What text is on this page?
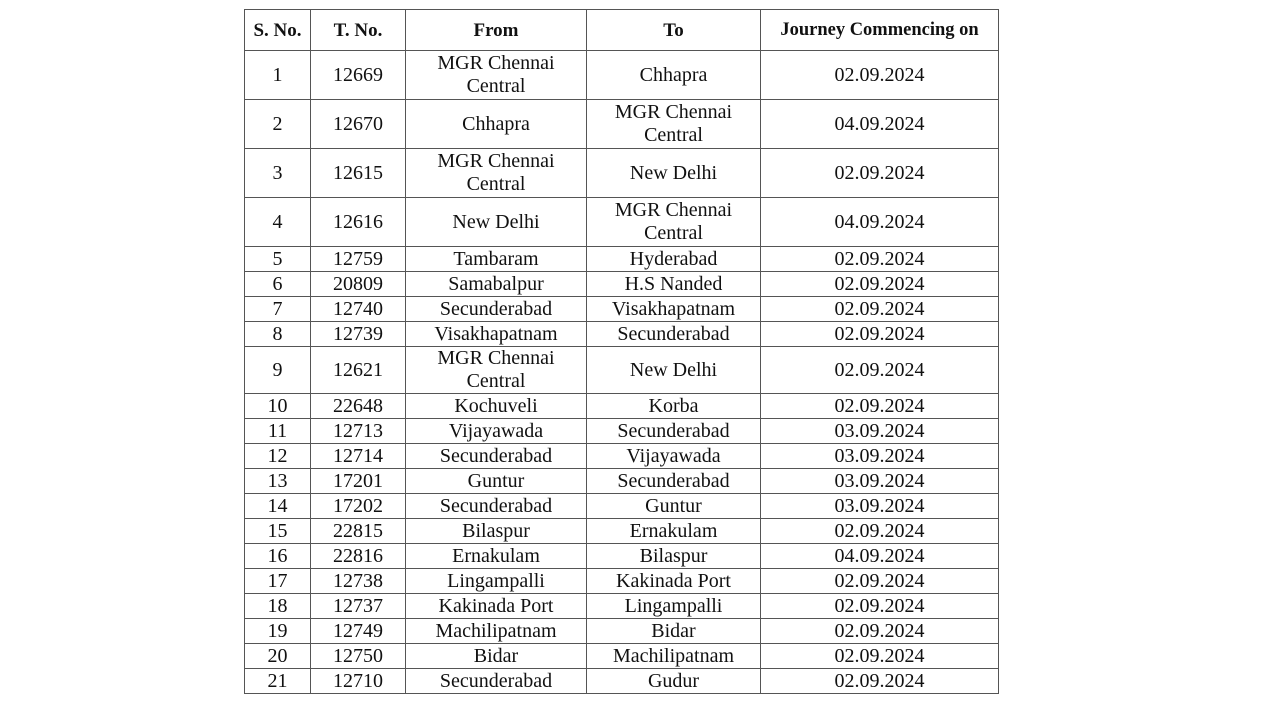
S. No.	T. No.	From	To	Journey Commencing on
1	12669	MGR Chennai Central	Chhapra	02.09.2024
2	12670	Chhapra	MGR Chennai Central	04.09.2024
3	12615	MGR Chennai Central	New Delhi	02.09.2024
4	12616	New Delhi	MGR Chennai Central	04.09.2024
5	12759	Tambaram	Hyderabad	02.09.2024
6	20809	Samabalpur	H.S Nanded	02.09.2024
7	12740	Secunderabad	Visakhapatnam	02.09.2024
8	12739	Visakhapatnam	Secunderabad	02.09.2024
9	12621	MGR Chennai Central	New Delhi	02.09.2024
10	22648	Kochuveli	Korba	02.09.2024
11	12713	Vijayawada	Secunderabad	03.09.2024
12	12714	Secunderabad	Vijayawada	03.09.2024
13	17201	Guntur	Secunderabad	03.09.2024
14	17202	Secunderabad	Guntur	03.09.2024
15	22815	Bilaspur	Ernakulam	02.09.2024
16	22816	Ernakulam	Bilaspur	04.09.2024
17	12738	Lingampalli	Kakinada Port	02.09.2024
18	12737	Kakinada Port	Lingampalli	02.09.2024
19	12749	Machilipatnam	Bidar	02.09.2024
20	12750	Bidar	Machilipatnam	02.09.2024
21	12710	Secunderabad	Gudur	02.09.2024
